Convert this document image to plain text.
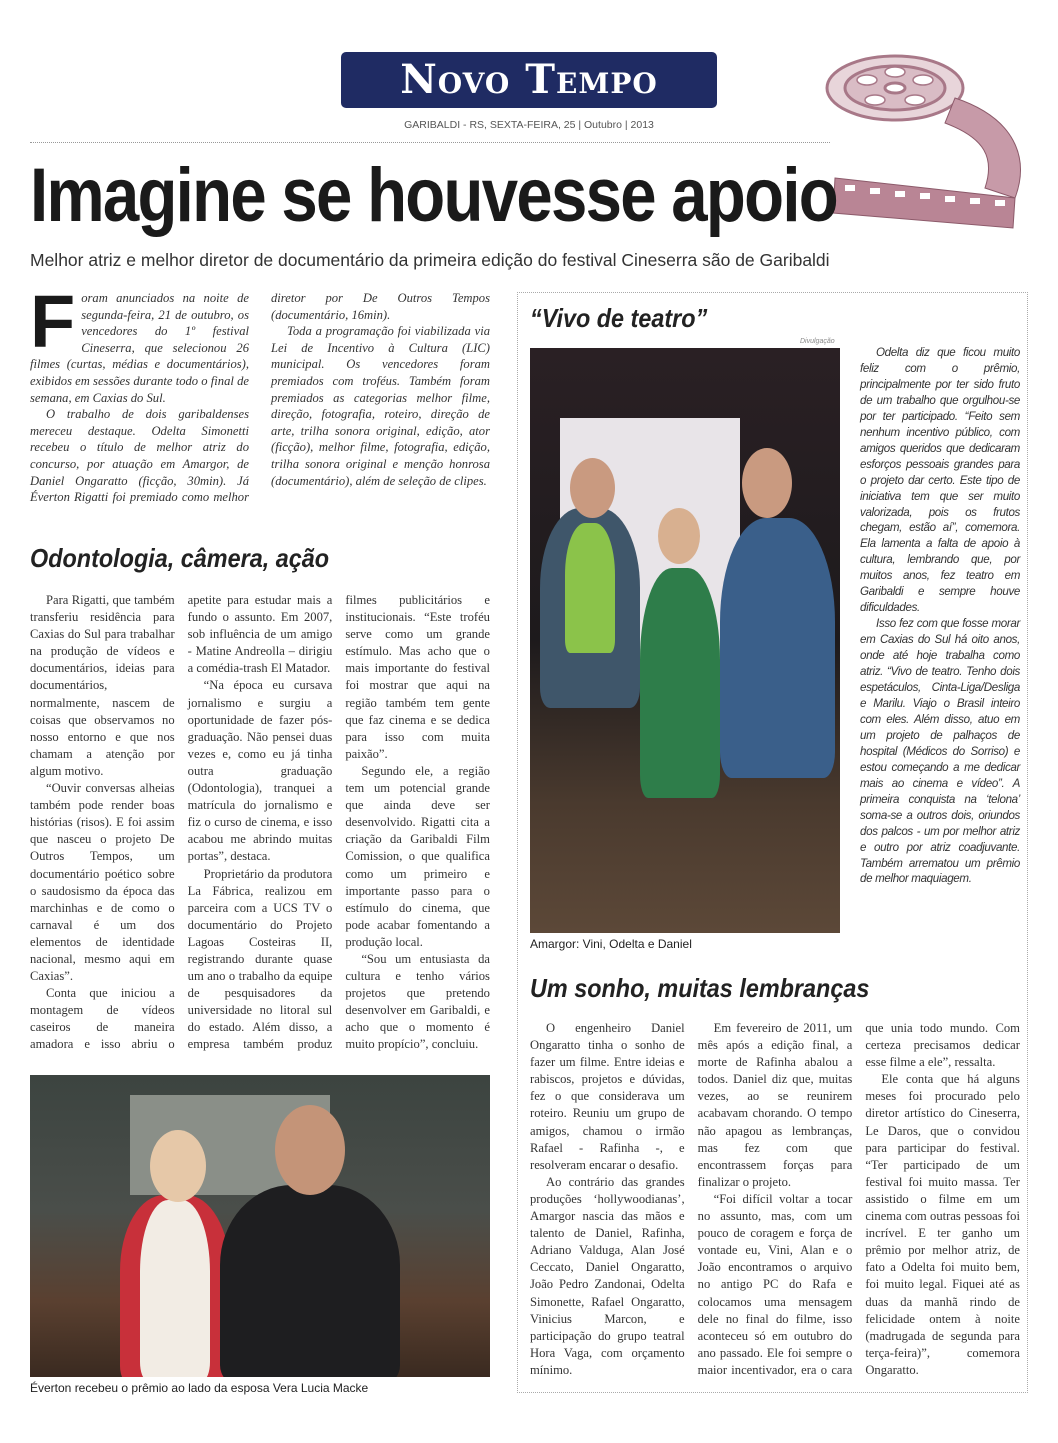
Novo Tempo
GARIBALDI - RS, SEXTA-FEIRA, 25 | Outubro | 2013
Imagine se houvesse apoio
Melhor atriz e melhor diretor de documentário da primeira edição do festival Cineserra são de Garibaldi

Foram anunciados na noite de segunda-feira, 21 de outubro, os vencedores do 1º festival Cineserra, que selecionou 26 filmes (curtas, médias e documentários), exibidos em sessões durante todo o final de semana, em Caxias do Sul.

O trabalho de dois garibaldenses mereceu destaque. Odelta Simonetti recebeu o título de melhor atriz do concurso, por atuação em Amargor, de Daniel Ongaratto (ficção, 30min). Já Éverton Rigatti foi premiado como melhor diretor por De Outros Tempos (documentário, 16min).

Toda a programação foi viabilizada via Lei de Incentivo à Cultura (LIC) municipal. Os vencedores foram premiados com troféus. Também foram premiados as categorias melhor filme, direção, fotografia, roteiro, direção de arte, trilha sonora original, edição, ator (ficção), melhor filme, fotografia, edição, trilha sonora original e menção honrosa (documentário), além de seleção de clipes.

Odontologia, câmera, ação

Para Rigatti, que também transferiu residência para Caxias do Sul para trabalhar na produção de vídeos e documentários, ideias para documentários, normalmente, nascem de coisas que observamos no nosso entorno e que nos chamam a atenção por algum motivo.

“Ouvir conversas alheias também pode render boas histórias (risos). E foi assim que nasceu o projeto De Outros Tempos, um documentário poético sobre o saudosismo da época das marchinhas e de como o carnaval é um dos elementos de identidade nacional, mesmo aqui em Caxias”.

Conta que iniciou a montagem de vídeos caseiros de maneira amadora e isso abriu o apetite para estudar mais a fundo o assunto. Em 2007, sob influência de um amigo - Matine Andreolla – dirigiu a comédia-trash El Matador.

“Na época eu cursava jornalismo e surgiu a oportunidade de fazer pós-graduação. Não pensei duas vezes e, como eu já tinha outra graduação (Odontologia), tranquei a matrícula do jornalismo e fiz o curso de cinema, e isso acabou me abrindo muitas portas”, destaca.

Proprietário da produtora La Fábrica, realizou em parceira com a UCS TV o documentário do Projeto Lagoas Costeiras II, registrando durante quase um ano o trabalho da equipe de pesquisadores da universidade no litoral sul do estado. Além disso, a empresa também produz filmes publicitários e institucionais. “Este troféu serve como um grande estímulo. Mas acho que o mais importante do festival foi mostrar que aqui na região também tem gente que faz cinema e se dedica para isso com muita paixão”.

Segundo ele, a região tem um potencial grande que ainda deve ser desenvolvido. Rigatti cita a criação da Garibaldi Film Comission, o que qualifica como um primeiro e importante passo para o estímulo do cinema, que pode acabar fomentando a produção local.

“Sou um entusiasta da cultura e tenho vários projetos que pretendo desenvolver em Garibaldi, e acho que o momento é muito propício”, concluiu.

Éverton recebeu o prêmio ao lado da esposa Vera Lucia Macke
“Vivo de teatro”
Divulgação
Amargor: Vini, Odelta e Daniel

Odelta diz que ficou muito feliz com o prêmio, principalmente por ter sido fruto de um trabalho que orgulhou-se por ter participado. “Feito sem nenhum incentivo público, com amigos queridos que dedicaram esforços pessoais grandes para o projeto dar certo. Este tipo de iniciativa tem que ser muito valorizada, pois os frutos chegam, estão aí”, comemora. Ela lamenta a falta de apoio à cultura, lembrando que, por muitos anos, fez teatro em Garibaldi e sempre houve dificuldades.

Isso fez com que fosse morar em Caxias do Sul há oito anos, onde até hoje trabalha como atriz. “Vivo de teatro. Tenho dois espetáculos, Cinta-Liga/Desliga e Marilu. Viajo o Brasil inteiro com eles. Além disso, atuo em um projeto de palhaços de hospital (Médicos do Sorriso) e estou começando a me dedicar mais ao cinema e vídeo”. A primeira conquista na ‘telona’ soma-se a outros dois, oriundos dos palcos - um por melhor atriz e outro por atriz coadjuvante. Também arrematou um prêmio de melhor maquiagem.

Um sonho, muitas lembranças

O engenheiro Daniel Ongaratto tinha o sonho de fazer um filme. Entre ideias e rabiscos, projetos e dúvidas, fez o que considerava um roteiro. Reuniu um grupo de amigos, chamou o irmão Rafael - Rafinha -, e resolveram encarar o desafio.

Ao contrário das grandes produções ‘hollywoodianas’, Amargor nascia das mãos e talento de Daniel, Rafinha, Adriano Valduga, Alan José Ceccato, Daniel Ongaratto, João Pedro Zandonai, Odelta Simonette, Rafael Ongaratto, Vinicius Marcon, e participação do grupo teatral Hora Vaga, com orçamento mínimo.

Em fevereiro de 2011, um mês após a edição final, a morte de Rafinha abalou a todos. Daniel diz que, muitas vezes, ao se reunirem acabavam chorando. O tempo não apagou as lembranças, mas fez com que encontrassem forças para finalizar o projeto.

“Foi difícil voltar a tocar no assunto, mas, com um pouco de coragem e força de vontade eu, Vini, Alan e o João encontramos o arquivo no antigo PC do Rafa e colocamos uma mensagem dele no final do filme, isso aconteceu só em outubro do ano passado. Ele foi sempre o maior incentivador, era o cara que unia todo mundo. Com certeza precisamos dedicar esse filme a ele”, ressalta.

Ele conta que há alguns meses foi procurado pelo diretor artístico do Cineserra, Le Daros, que o convidou para participar do festival. “Ter participado de um festival foi muito massa. Ter assistido o filme em um cinema com outras pessoas foi incrível. E ter ganho um prêmio por melhor atriz, de fato a Odelta foi muito bem, foi muito legal. Fiquei até as duas da manhã rindo de felicidade ontem à noite (madrugada de segunda para terça-feira)”, comemora Ongaratto.
